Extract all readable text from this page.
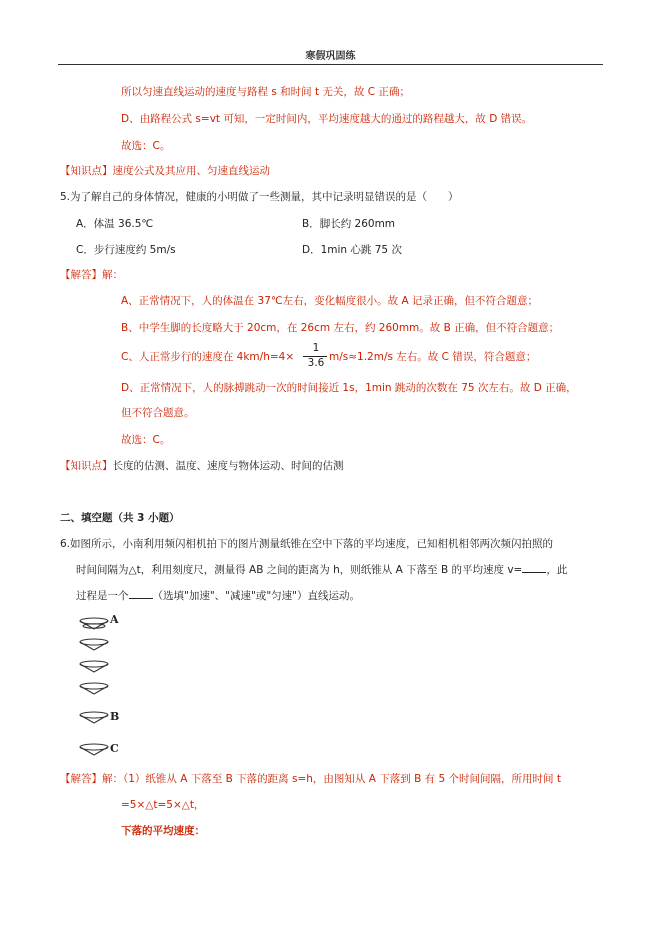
寒假巩固练
所以匀速直线运动的速度与路程 s 和时间 t 无关，故 C 正确；
D、由路程公式 s=vt 可知，一定时间内，平均速度越大的通过的路程越大，故 D 错误。
故选：C。
【知识点】速度公式及其应用、匀速直线运动
5.为了解自己的身体情况，健康的小明做了一些测量，其中记录明显错误的是（　　）
A．体温 36.5℃	B．脚长约 260mm
C．步行速度约 5m/s	D．1min 心跳 75 次
【解答】解：
A、正常情况下，人的体温在 37℃左右，变化幅度很小。故 A 记录正确，但不符合题意；
B、中学生脚的长度略大于 20cm，在 26cm 左右，约 260mm。故 B 正确，但不符合题意；
C、人正常步行的速度在 4km/h=4×
1
3.6 m/s≈1.2m/s 左右。故 C 错误，符合题意；
D、正常情况下，人的脉搏跳动一次的时间接近 1s，1min 跳动的次数在 75 次左右。故 D 正确，
但不符合题意。
故选：C。
【知识点】长度的估测、温度、速度与物体运动、时间的估测
二、填空题（共 3 小题）
6.如图所示，小南利用频闪相机拍下的图片测量纸锥在空中下落的平均速度，已知相机相邻两次频闪拍照的
时间间隔为△t，利用刻度尺，测量得 AB 之间的距离为 h，则纸锥从 A 下落至 B 的平均速度 v= ，此
过程是一个 （选填"加速"、"减速"或"匀速"）直线运动。
A
B
C
【解答】解：（1）纸锥从 A 下落至 B 下落的距离 s=h，由图知从 A 下落到 B 有 5 个时间间隔，所用时间 t
=5×△t=5×△t，
下落的平均速度：
